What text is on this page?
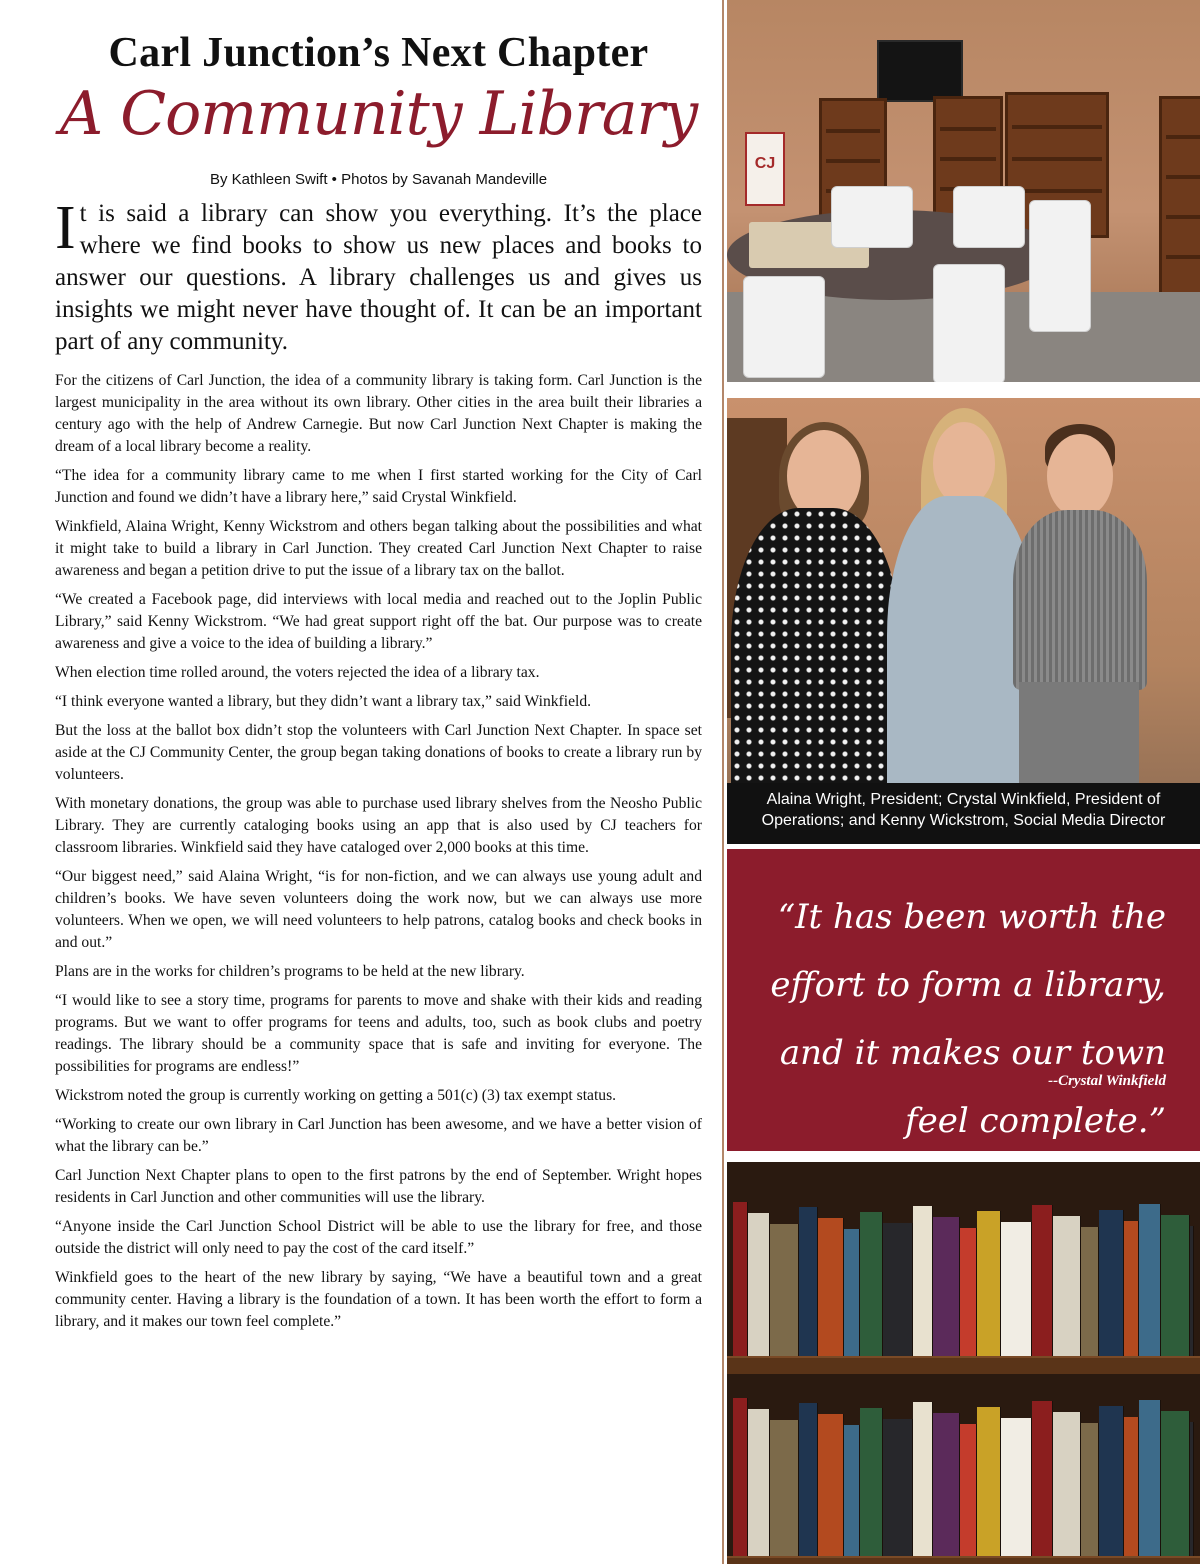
Carl Junction’s Next Chapter
A Community Library
By Kathleen Swift • Photos by Savanah Mandeville

It is said a library can show you everything. It’s the place where we find books to show us new places and books to answer our questions. A library challenges us and gives us insights we might never have thought of. It can be an important part of any community.

For the citizens of Carl Junction, the idea of a community library is taking form. Carl Junction is the largest municipality in the area without its own library. Other cities in the area built their libraries a century ago with the help of Andrew Carnegie. But now Carl Junction Next Chapter is making the dream of a local library become a reality.

“The idea for a community library came to me when I first started working for the City of Carl Junction and found we didn’t have a library here,” said Crystal Winkfield.

Winkfield, Alaina Wright, Kenny Wickstrom and others began talking about the possibilities and what it might take to build a library in Carl Junction. They created Carl Junction Next Chapter to raise awareness and began a petition drive to put the issue of a library tax on the ballot.

“We created a Facebook page, did interviews with local media and reached out to the Joplin Public Library,” said Kenny Wickstrom. “We had great support right off the bat. Our purpose was to create awareness and give a voice to the idea of building a library.”

When election time rolled around, the voters rejected the idea of a library tax.

“I think everyone wanted a library, but they didn’t want a library tax,” said Winkfield.

But the loss at the ballot box didn’t stop the volunteers with Carl Junction Next Chapter. In space set aside at the CJ Community Center, the group began taking donations of books to create a library run by volunteers.

With monetary donations, the group was able to purchase used library shelves from the Neosho Public Library. They are currently cataloging books using an app that is also used by CJ teachers for classroom libraries. Winkfield said they have cataloged over 2,000 books at this time.

“Our biggest need,” said Alaina Wright, “is for non-fiction, and we can always use young adult and children’s books. We have seven volunteers doing the work now, but we can always use more volunteers. When we open, we will need volunteers to help patrons, catalog books and check books in and out.”

Plans are in the works for children’s programs to be held at the new library.

“I would like to see a story time, programs for parents to move and shake with their kids and reading programs. But we want to offer programs for teens and adults, too, such as book clubs and poetry readings. The library should be a community space that is safe and inviting for everyone. The possibilities for programs are endless!”

Wickstrom noted the group is currently working on getting a 501(c) (3) tax exempt status.

“Working to create our own library in Carl Junction has been awesome, and we have a better vision of what the library can be.”

Carl Junction Next Chapter plans to open to the first patrons by the end of September. Wright hopes residents in Carl Junction and other communities will use the library.

“Anyone inside the Carl Junction School District will be able to use the library for free, and those outside the district will only need to pay the cost of the card itself.”

Winkfield goes to the heart of the new library by saying, “We have a beautiful town and a great community center. Having a library is the foundation of a town. It has been worth the effort to form a library, and it makes our town feel complete.”

CJ
Alaina Wright, President; Crystal Winkfield, President of Operations; and Kenny Wickstrom, Social Media Director
“It has been worth the effort to form a library, and it makes our town feel complete.”
--Crystal Winkfield
